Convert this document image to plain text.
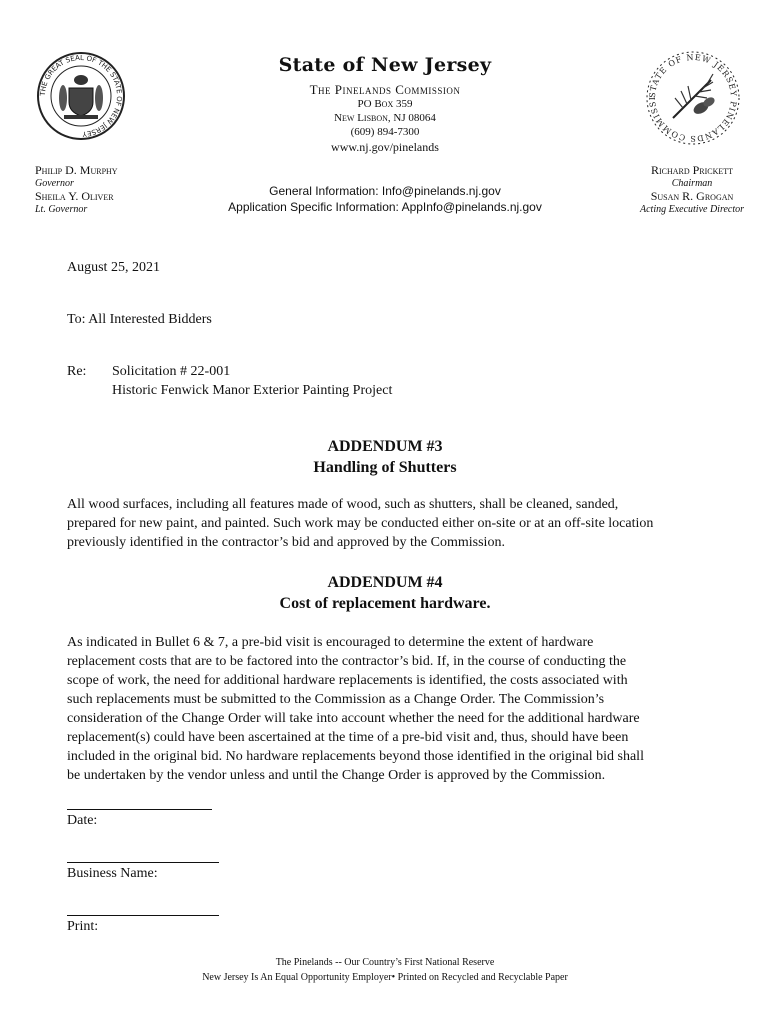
THE GREAT SEAL OF THE STATE OF NEW JERSEY
State of New Jersey
The Pinelands Commission
PO Box 359
New Lisbon, NJ 08064
(609) 894-7300
www.nj.gov/pinelands
STATE OF NEW JERSEY PINELANDS COMMISSI
Philip D. Murphy
Governor
Sheila Y. Oliver
Lt. Governor
General Information: Info@pinelands.nj.gov
Application Specific Information: AppInfo@pinelands.nj.gov
Richard Prickett
Chairman
Susan R. Grogan
Acting Executive Director
August 25, 2021
To: All Interested Bidders
Re: Solicitation # 22-001
Historic Fenwick Manor Exterior Painting Project
ADDENDUM #3
Handling of Shutters
All wood surfaces, including all features made of wood, such as shutters, shall be cleaned, sanded,
prepared for new paint, and painted. Such work may be conducted either on-site or at an off-site location
previously identified in the contractor’s bid and approved by the Commission.
ADDENDUM #4
Cost of replacement hardware.
As indicated in Bullet 6 & 7, a pre-bid visit is encouraged to determine the extent of hardware
replacement costs that are to be factored into the contractor’s bid. If, in the course of conducting the
scope of work, the need for additional hardware replacements is identified, the costs associated with
such replacements must be submitted to the Commission as a Change Order. The Commission’s
consideration of the Change Order will take into account whether the need for the additional hardware
replacement(s) could have been ascertained at the time of a pre-bid visit and, thus, should have been
included in the original bid. No hardware replacements beyond those identified in the original bid shall
be undertaken by the vendor unless and until the Change Order is approved by the Commission.
Date:
Business Name:
Print:
The Pinelands -- Our Country’s First National Reserve
New Jersey Is An Equal Opportunity Employer• Printed on Recycled and Recyclable Paper
